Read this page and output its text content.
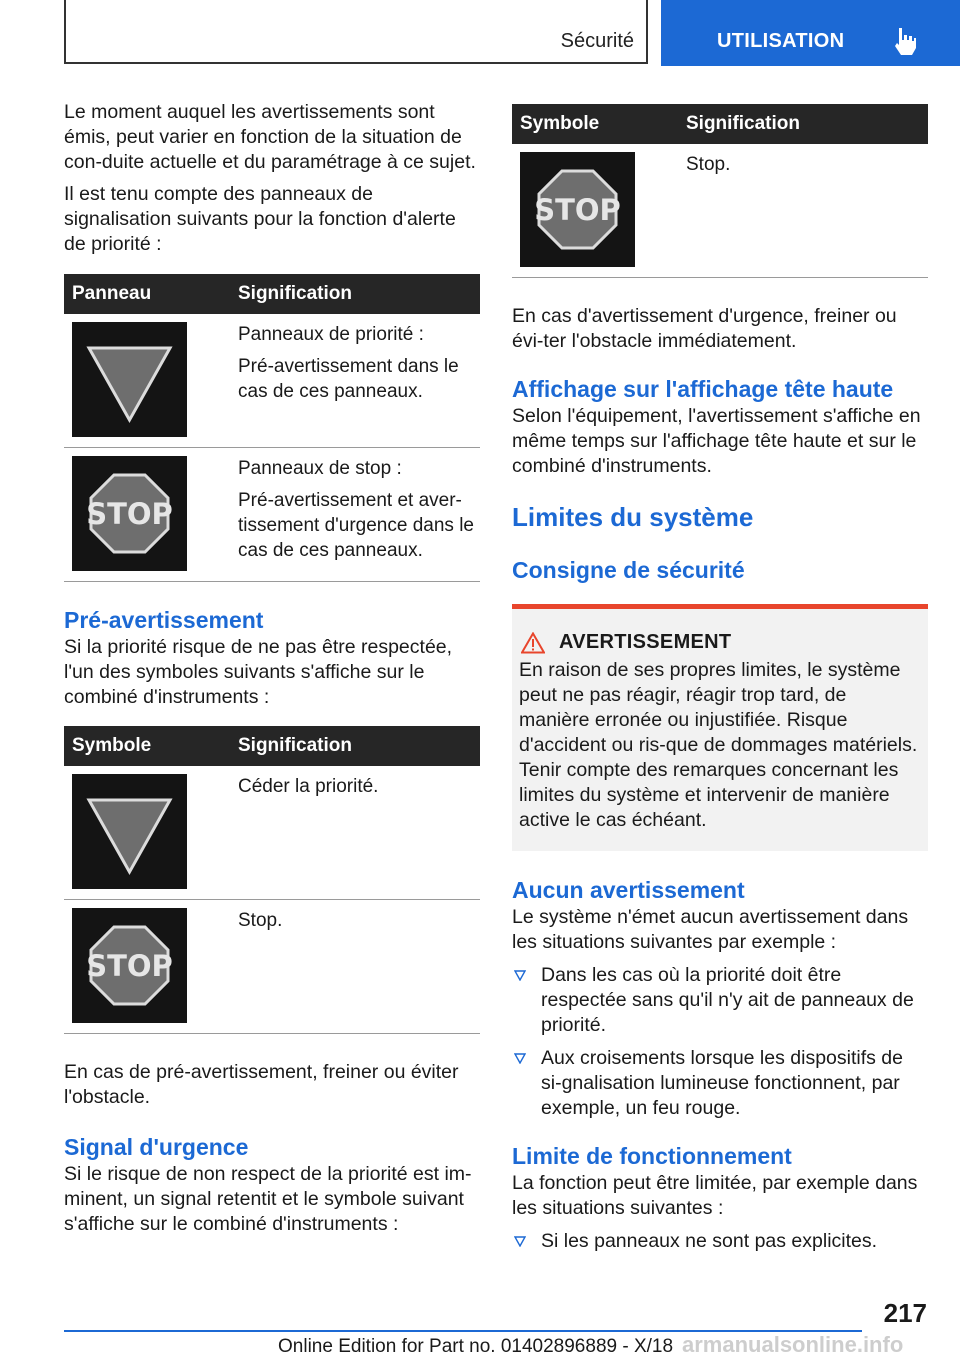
Sécurité	UTILISATION

Le moment auquel les avertissements sont émis, peut varier en fonction de la situation de con‐duite actuelle et du paramétrage à ce sujet.

Il est tenu compte des panneaux de signalisation suivants pour la fonction d'alerte de priorité :

Panneau	Signification

Panneaux de priorité :

Pré-avertissement dans le cas de ces panneaux.

STOP	Panneaux de stop :

Pré-avertissement et aver‐tissement d'urgence dans le cas de ces panneaux.

Pré-avertissement

Si la priorité risque de ne pas être respectée, l'un des symboles suivants s'affiche sur le combiné d'instruments :

Symbole	Signification

Céder la priorité.

STOP	Stop.

En cas de pré-avertissement, freiner ou éviter l'obstacle.

Signal d'urgence

Si le risque de non respect de la priorité est im‐minent, un signal retentit et le symbole suivant s'affiche sur le combiné d'instruments :

Symbole	Signification

STOP	Stop.

En cas d'avertissement d'urgence, freiner ou évi‐ter l'obstacle immédiatement.

Affichage sur l'affichage tête haute

Selon l'équipement, l'avertissement s'affiche en même temps sur l'affichage tête haute et sur le combiné d'instruments.

Limites du système
Consigne de sécurité
AVERTISSEMENT

En raison de ses propres limites, le système peut ne pas réagir, réagir trop tard, de manière erronée ou injustifiée. Risque d'accident ou ris‐que de dommages matériels. Tenir compte des remarques concernant les limites du système et intervenir de manière active le cas échéant.

Aucun avertissement

Le système n'émet aucun avertissement dans les situations suivantes par exemple :

Dans les cas où la priorité doit être respectée sans qu'il n'y ait de panneaux de priorité.
Aux croisements lorsque les dispositifs de si‐gnalisation lumineuse fonctionnent, par exemple, un feu rouge.
Limite de fonctionnement

La fonction peut être limitée, par exemple dans les situations suivantes :

Si les panneaux ne sont pas explicites.
217
Online Edition for Part no. 01402896889 - X/18 armanualsonline.info
